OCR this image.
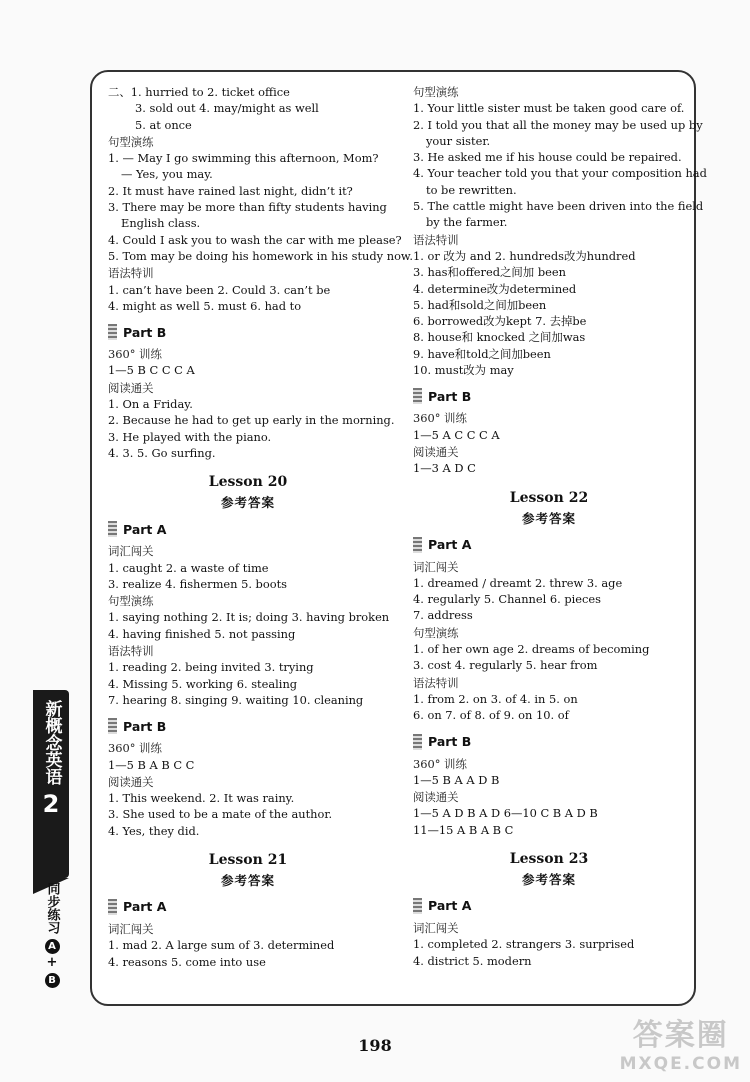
二、1. hurried to 2. ticket office
3. sold out 4. may/might as well
5. at once
句型演练
1. — May I go swimming this afternoon, Mom?
— Yes, you may.
2. It must have rained last night, didn’t it?
3. There may be more than fifty students having
English class.
4. Could I ask you to wash the car with me please?
5. Tom may be doing his homework in his study now.
语法特训
1. can’t have been 2. Could 3. can’t be
4. might as well 5. must 6. had to
Part B
360° 训练
1—5 B C C C A
阅读通关
1. On a Friday.
2. Because he had to get up early in the morning.
3. He played with the piano.
4. 3. 5. Go surfing.
Lesson 20
参考答案
Part A
词汇闯关
1. caught 2. a waste of time
3. realize 4. fishermen 5. boots
句型演练
1. saying nothing 2. It is; doing 3. having broken
4. having finished 5. not passing
语法特训
1. reading 2. being invited 3. trying
4. Missing 5. working 6. stealing
7. hearing 8. singing 9. waiting 10. cleaning
Part B
360° 训练
1—5 B A B C C
阅读通关
1. This weekend. 2. It was rainy.
3. She used to be a mate of the author.
4. Yes, they did.
Lesson 21
参考答案
Part A
词汇闯关
1. mad 2. A large sum of 3. determined
4. reasons 5. come into use
句型演练
1. Your little sister must be taken good care of.
2. I told you that all the money may be used up by
your sister.
3. He asked me if his house could be repaired.
4. Your teacher told you that your composition had
to be rewritten.
5. The cattle might have been driven into the field
by the farmer.
语法特训
1. or 改为 and 2. hundreds改为hundred
3. has和offered之间加 been
4. determine改为determined
5. had和sold之间加been
6. borrowed改为kept 7. 去掉be
8. house和 knocked 之间加was
9. have和told之间加been
10. must改为 may
Part B
360° 训练
1—5 A C C C A
阅读通关
1—3 A D C
Lesson 22
参考答案
Part A
词汇闯关
1. dreamed / dreamt 2. threw 3. age
4. regularly 5. Channel 6. pieces
7. address
句型演练
1. of her own age 2. dreams of becoming
3. cost 4. regularly 5. hear from
语法特训
1. from 2. on 3. of 4. in 5. on
6. on 7. of 8. of 9. on 10. of
Part B
360° 训练
1—5 B A A D B
阅读通关
1—5 A D B A D 6—10 C B A D B
11—15 A B A B C
Lesson 23
参考答案
Part A
词汇闯关
1. completed 2. strangers 3. surprised
4. district 5. modern
新概念英语
2
同步练习
A
+
B
198	答案圈
MXQE.COM
